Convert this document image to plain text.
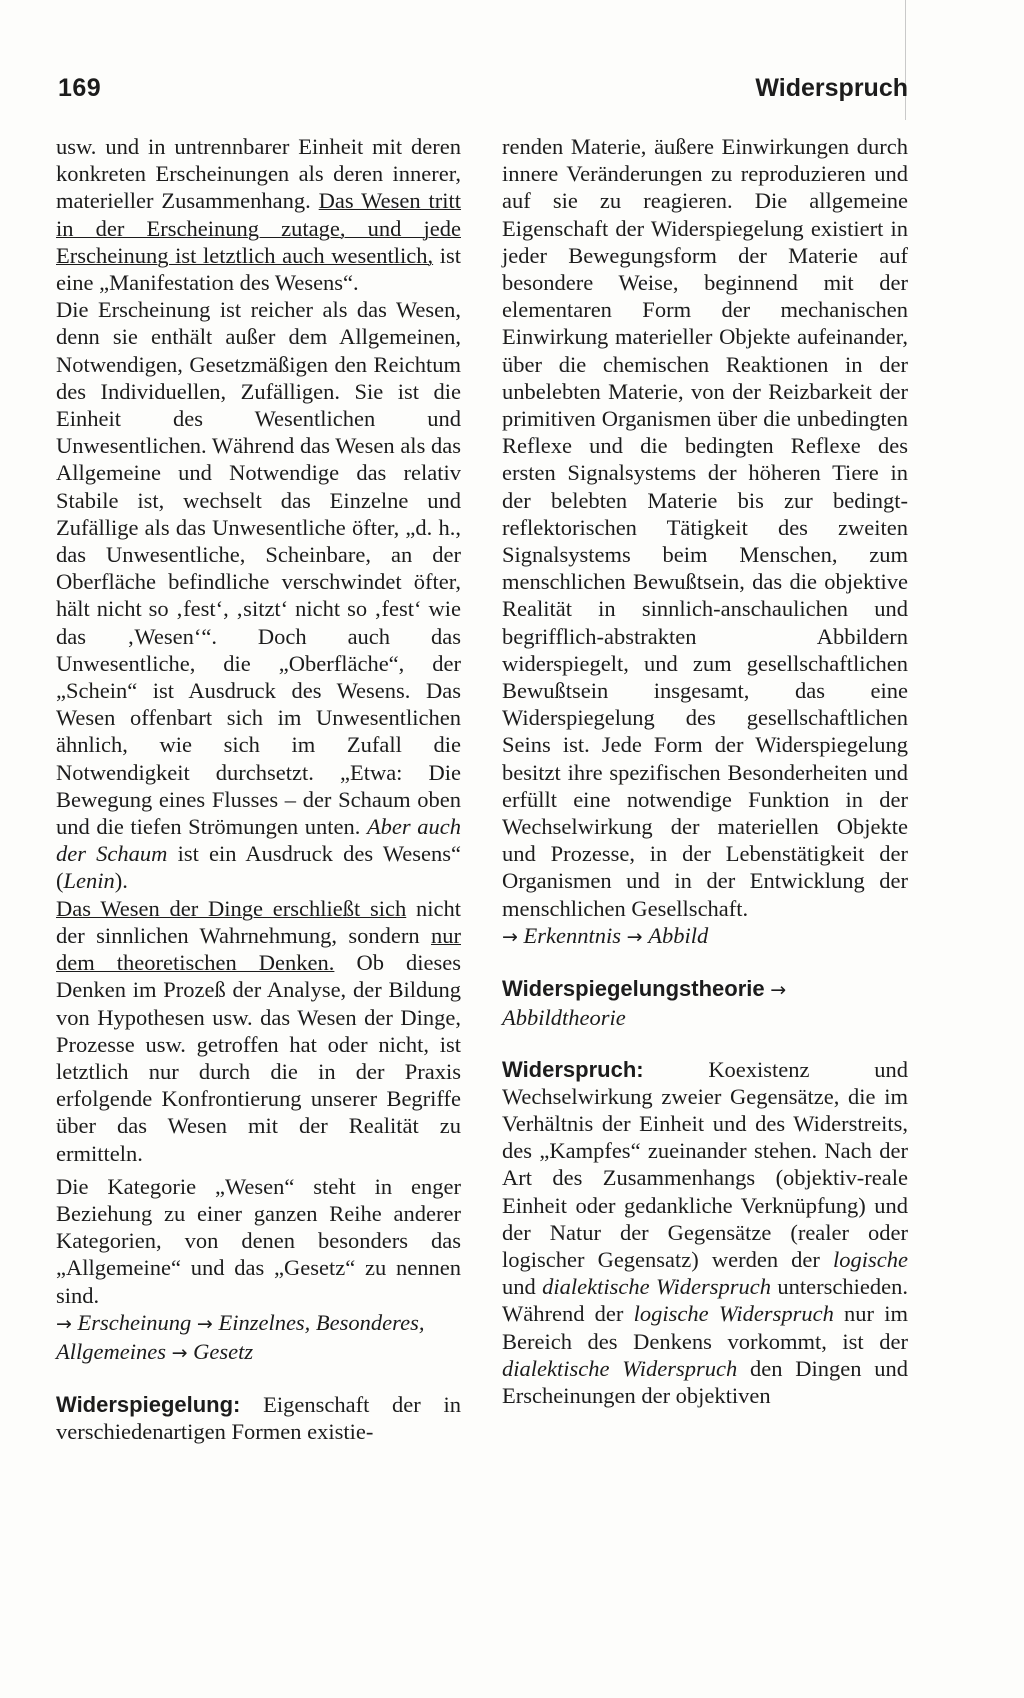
169	Widerspruch

usw. und in untrennbarer Einheit mit deren konkreten Erscheinungen als deren innerer, materieller Zusammenhang. Das Wesen tritt in der Erscheinung zutage, und jede Erscheinung ist letztlich auch wesentlich, ist eine „Manifestation des Wesens“.

Die Erscheinung ist reicher als das Wesen, denn sie enthält außer dem Allgemeinen, Notwendigen, Gesetzmäßigen den Reichtum des Individuellen, Zufälligen. Sie ist die Einheit des Wesentlichen und Unwesentlichen. Während das Wesen als das Allgemeine und Notwendige das relativ Stabile ist, wechselt das Einzelne und Zufällige als das Unwesentliche öfter, „d. h., das Unwesentliche, Scheinbare, an der Oberfläche befindliche verschwindet öfter, hält nicht so ‚fest‘, ‚sitzt‘ nicht so ‚fest‘ wie das ‚Wesen‘“. Doch auch das Unwesentliche, die „Oberfläche“, der „Schein“ ist Ausdruck des Wesens. Das Wesen offenbart sich im Unwesentlichen ähnlich, wie sich im Zufall die Notwendigkeit durchsetzt. „Etwa: Die Bewegung eines Flusses – der Schaum oben und die tiefen Strömungen unten. Aber auch der Schaum ist ein Ausdruck des Wesens“ (Lenin).

Das Wesen der Dinge erschließt sich nicht der sinnlichen Wahrnehmung, sondern nur dem theoretischen Denken. Ob dieses Denken im Prozeß der Analyse, der Bildung von Hypothesen usw. das Wesen der Dinge, Prozesse usw. getroffen hat oder nicht, ist letztlich nur durch die in der Praxis erfolgende Konfrontierung unserer Begriffe über das Wesen mit der Realität zu ermitteln.

Die Kategorie „Wesen“ steht in enger Beziehung zu einer ganzen Reihe anderer Kategorien, von denen besonders das „Allgemeine“ und das „Gesetz“ zu nennen sind.

→ Erscheinung → Einzelnes, Besonderes, Allgemeines → Gesetz

Widerspiegelung: Eigenschaft der in verschiedenartigen Formen existie-

renden Materie, äußere Einwirkungen durch innere Veränderungen zu reproduzieren und auf sie zu reagieren. Die allgemeine Eigenschaft der Widerspiegelung existiert in jeder Bewegungsform der Materie auf besondere Weise, beginnend mit der elementaren Form der mechanischen Einwirkung materieller Objekte aufeinander, über die chemischen Reaktionen in der unbelebten Materie, von der Reizbarkeit der primitiven Organismen über die unbedingten Reflexe und die bedingten Reflexe des ersten Signalsystems der höheren Tiere in der belebten Materie bis zur bedingt-reflektorischen Tätigkeit des zweiten Signalsystems beim Menschen, zum menschlichen Bewußtsein, das die objektive Realität in sinnlich-anschaulichen und begrifflich-abstrakten Abbildern widerspiegelt, und zum gesellschaftlichen Bewußtsein insgesamt, das eine Widerspiegelung des gesellschaftlichen Seins ist. Jede Form der Widerspiegelung besitzt ihre spezifischen Besonderheiten und erfüllt eine notwendige Funktion in der Wechselwirkung der materiellen Objekte und Prozesse, in der Lebenstätigkeit der Organismen und in der Entwicklung der menschlichen Gesellschaft.

→ Erkenntnis → Abbild

Widerspiegelungstheorie → Abbildtheorie

Widerspruch:	Koexistenz und Wechselwirkung zweier Gegensätze, die im Verhältnis der Einheit und des Widerstreits, des „Kampfes“ zueinander stehen. Nach der Art des Zusammenhangs (objektiv-reale Einheit oder gedankliche Verknüpfung) und der Natur der Gegensätze (realer oder logischer Gegensatz) werden der logische und dialektische Widerspruch unterschieden. Während der logische Widerspruch nur im Bereich des Denkens vorkommt, ist der dialektische Widerspruch den Dingen und Erscheinungen der objektiven
